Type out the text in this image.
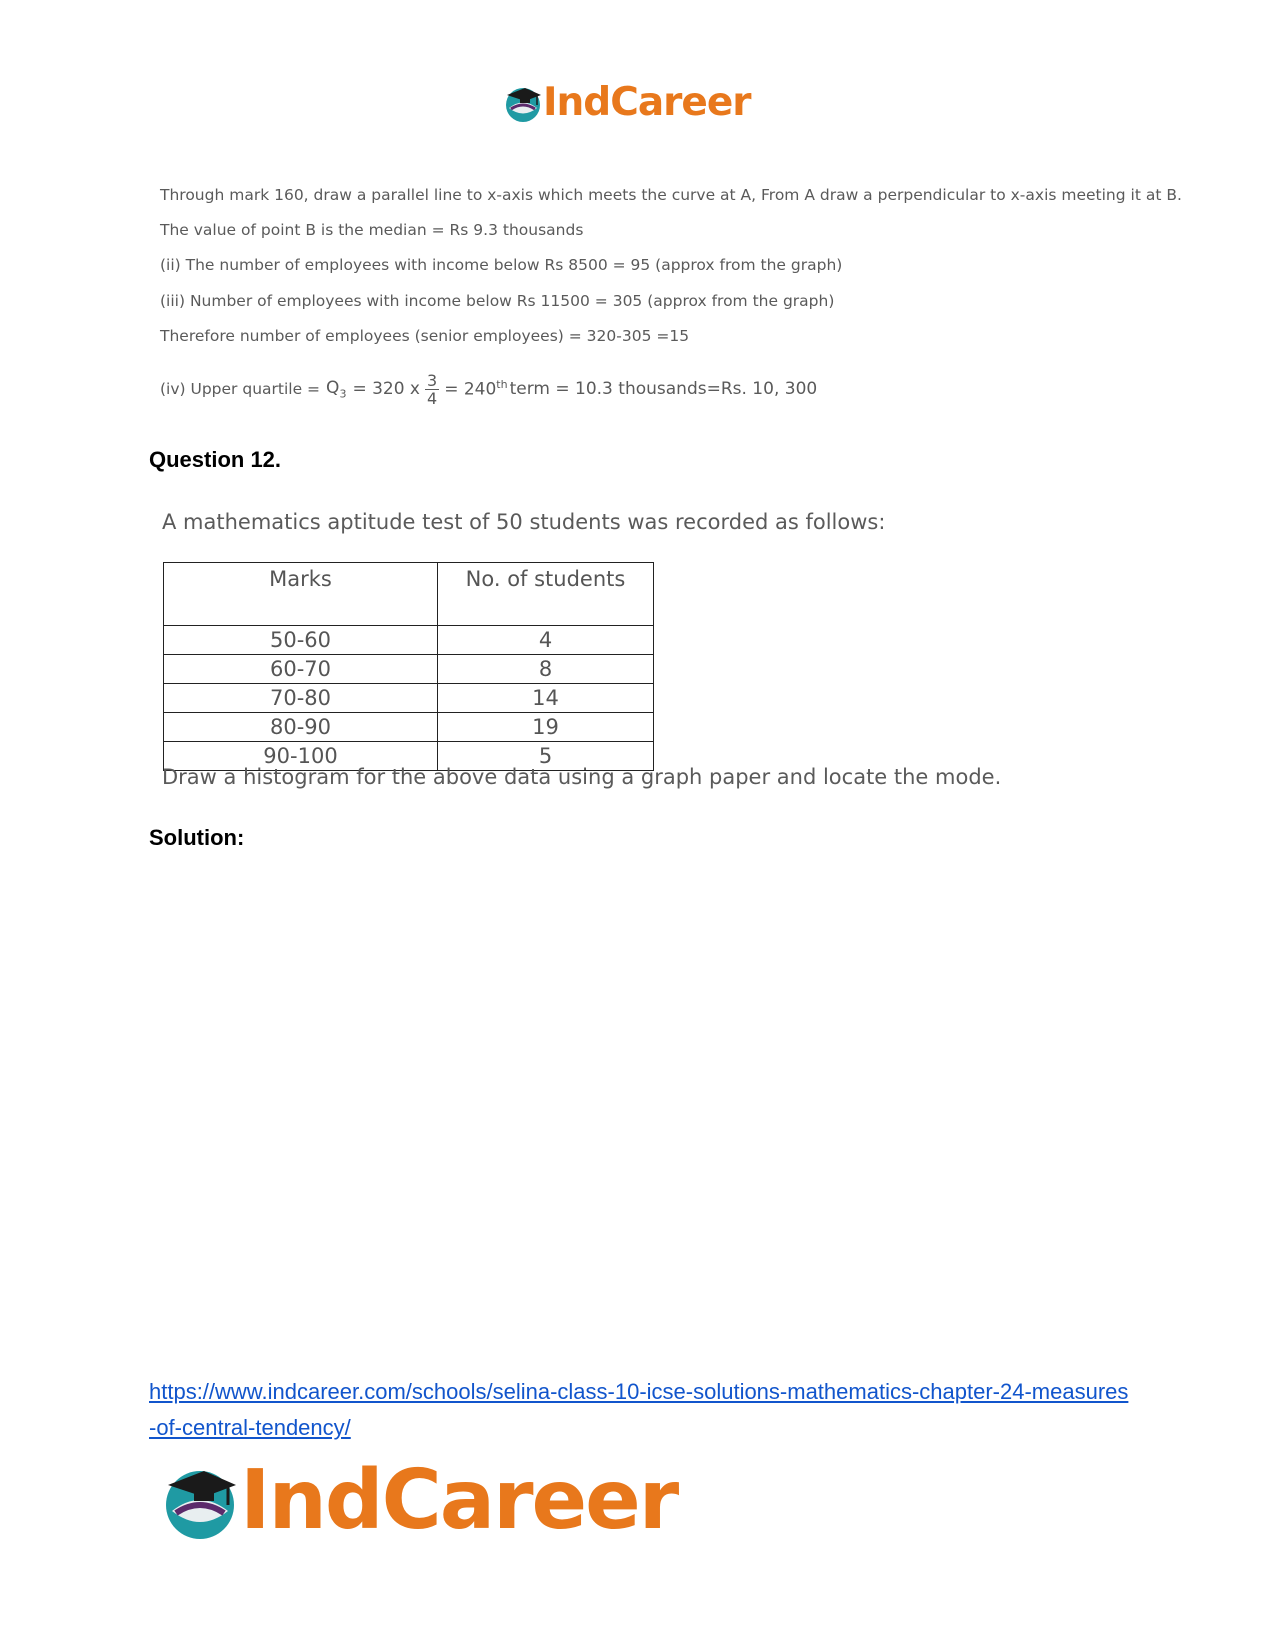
IndCareer
Through mark 160, draw a parallel line to x-axis which meets the curve at A, From A draw a perpendicular to x-axis meeting it at B.
The value of point B is the median = Rs 9.3 thousands
(ii) The number of employees with income below Rs 8500 = 95 (approx from the graph)
(iii) Number of employees with income below Rs 11500 = 305 (approx from the graph)
Therefore number of employees (senior employees) = 320-305 =15
(iv) Upper quartile = $Q_3 = 320$ x $\frac{3}{4} = 240th$ term = 10.3 thousands=Rs. 10, 300
Question 12.
A mathematics aptitude test of 50 students was recorded as follows:
Marks	No. of students
50-60	4
60-70	8
70-80	14
80-90	19
90-100	5
Draw a histogram for the above data using a graph paper and locate the mode.
Solution:
https://www.indcareer.com/schools/selina-class-10-icse-solutions-mathematics-chapter-24-measures-of-central-tendency/
IndCareer
